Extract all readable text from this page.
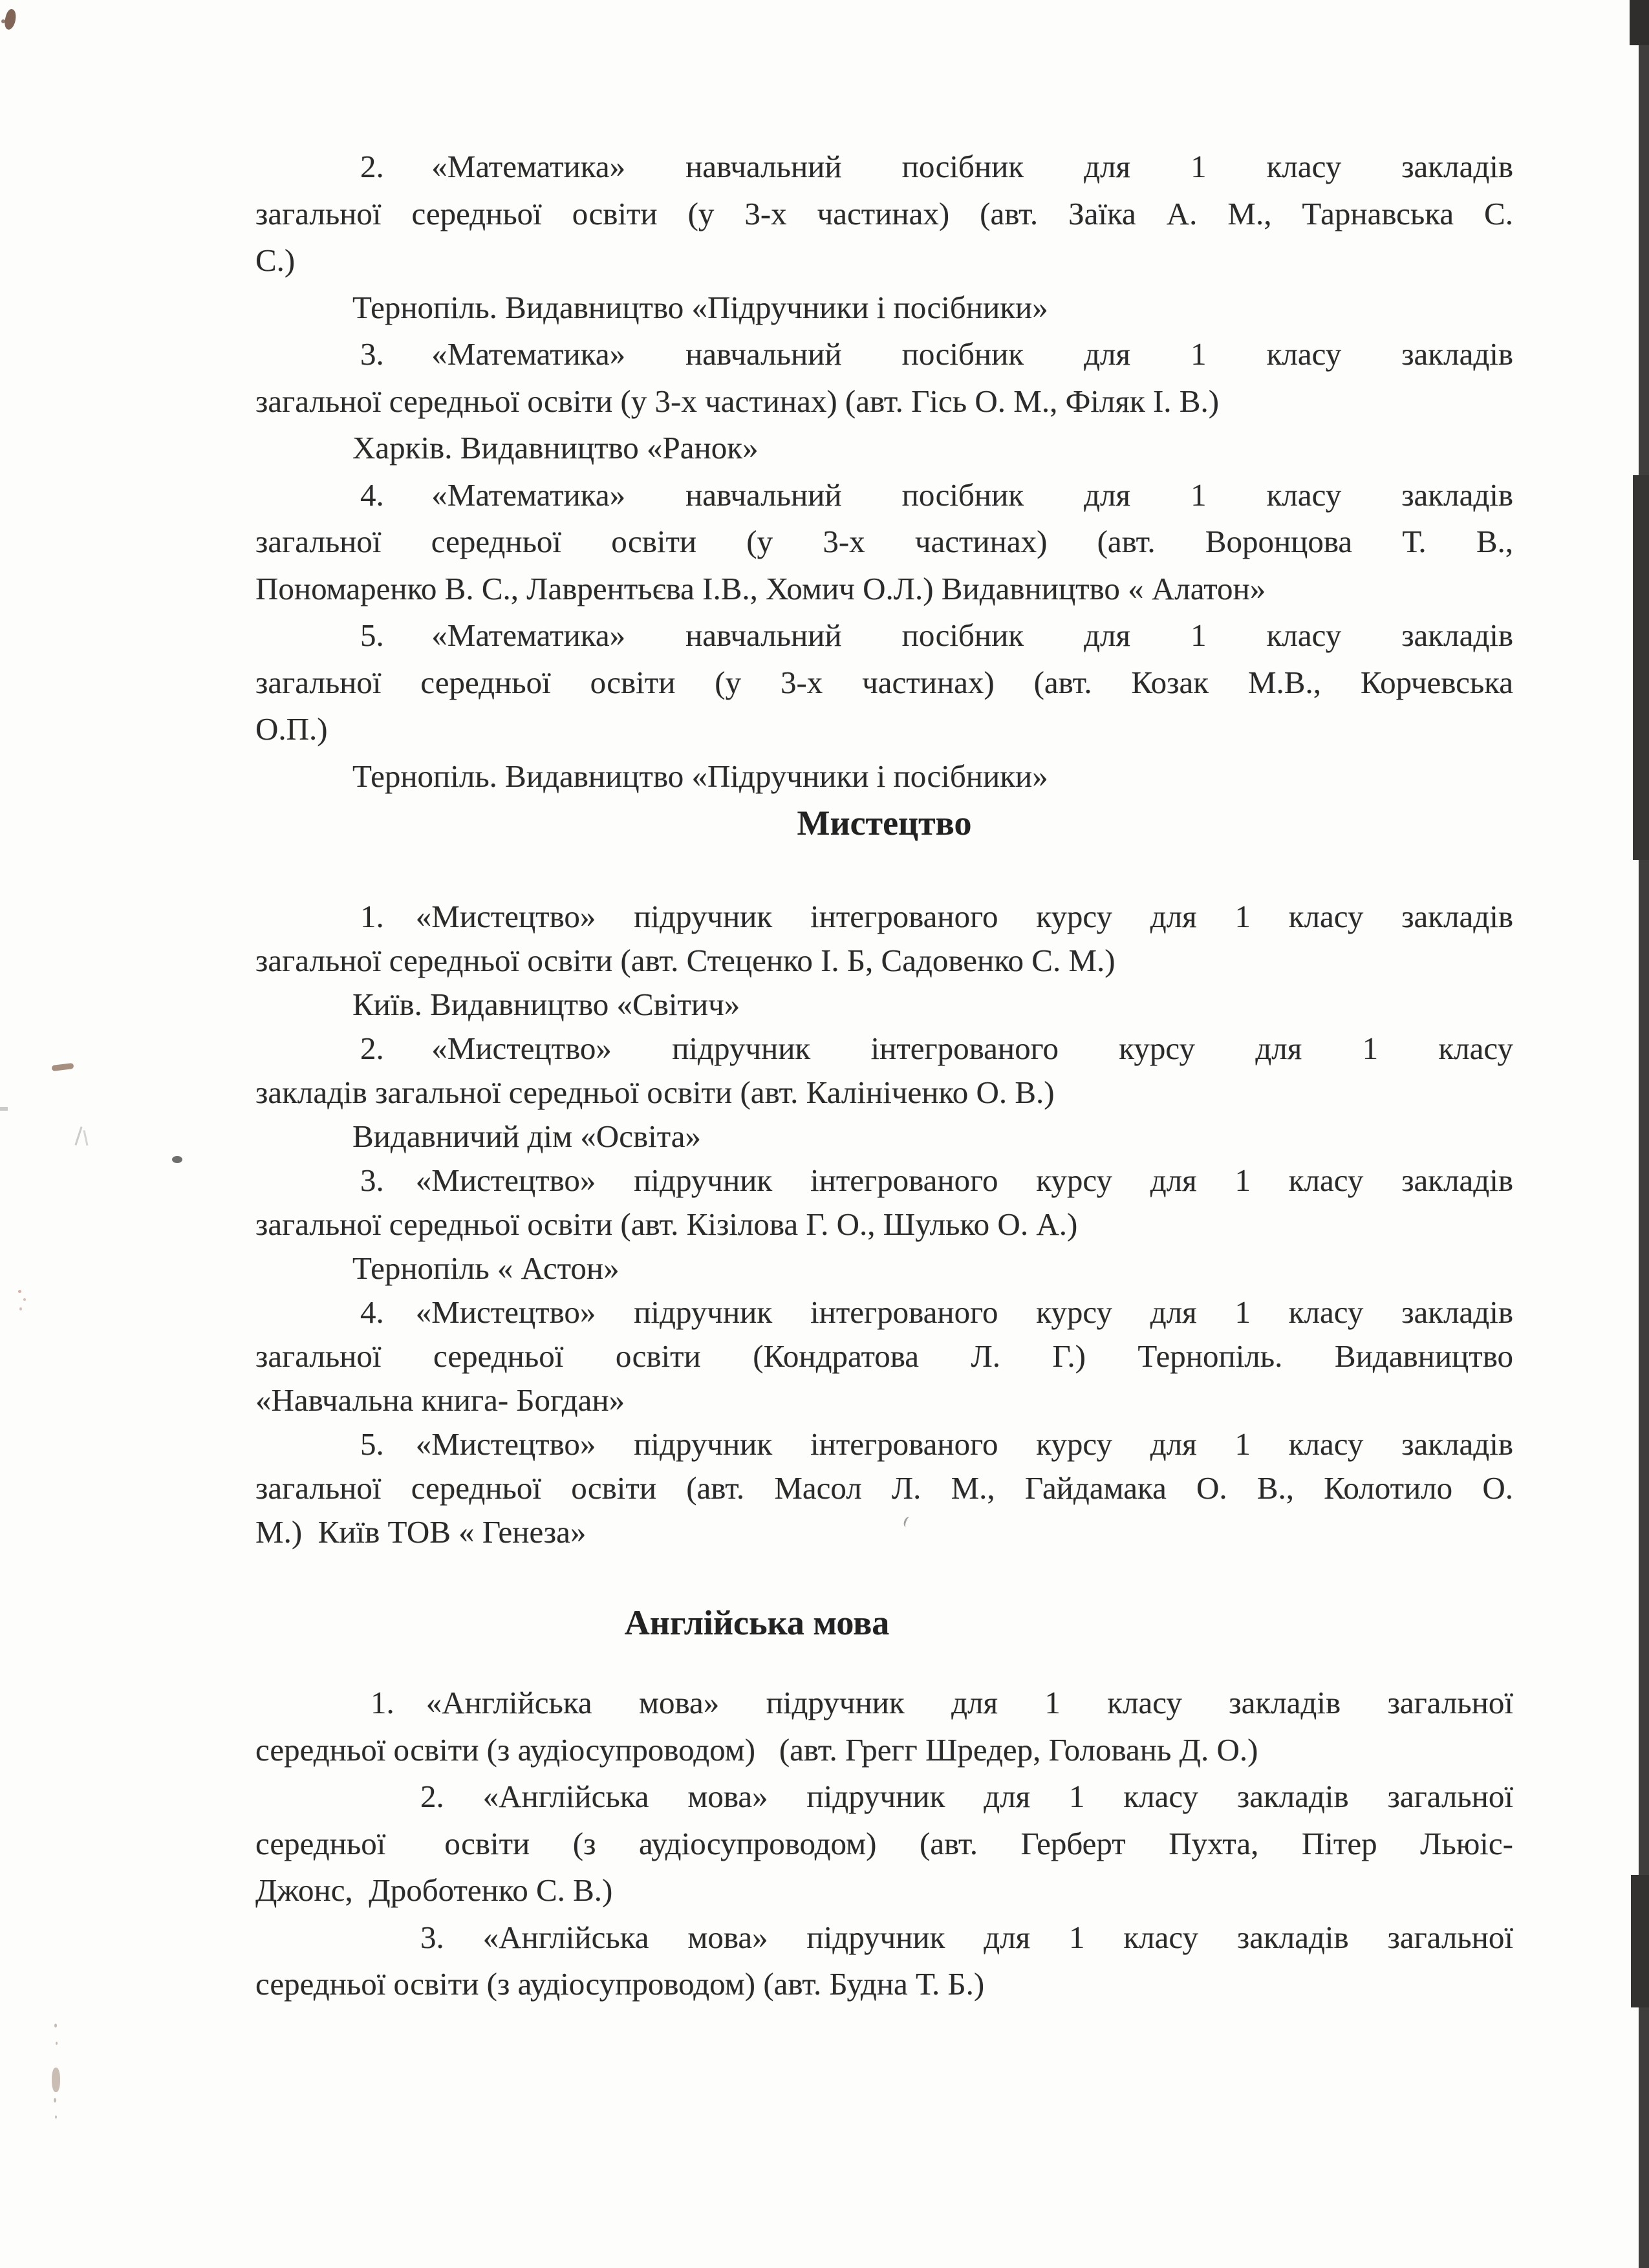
2.  «Математика» навчальний посібник для 1 класу закладів
загальної середньої освіти (у 3-х частинах) (авт. Заїка А. М., Тарнавська С.
С.)
Тернопіль. Видавництво «Підручники і посібники»
3.  «Математика» навчальний посібник для 1 класу закладів
загальної середньої освіти (у 3-х частинах) (авт. Гісь О. М., Філяк І. В.)
Харків. Видавництво «Ранок»
4.  «Математика» навчальний посібник для 1 класу закладів
загальної середньої освіти (у 3-х частинах) (авт. Воронцова Т. В.,
Пономаренко В. С., Лаврентьєва І.В., Хомич О.Л.) Видавництво « Алатон»
5.  «Математика» навчальний посібник для 1 класу закладів
загальної середньої освіти (у 3-х частинах) (авт. Козак М.В., Корчевська
О.П.)
Тернопіль. Видавництво «Підручники і посібники»
Мистецтво
1. «Мистецтво» підручник інтегрованого курсу для 1 класу закладів
загальної середньої освіти (авт. Стеценко І. Б, Садовенко С. М.)
Київ. Видавництво «Світич»
2.  «Мистецтво» підручник інтегрованого курсу для 1 класу
закладів загальної середньої освіти (авт. Калініченко О. В.)
Видавничий дім «Освіта»
3. «Мистецтво» підручник інтегрованого курсу для 1 класу закладів
загальної середньої освіти (авт. Кізілова Г. О., Шулько О. А.)
Тернопіль « Астон»
4. «Мистецтво» підручник інтегрованого курсу для 1 класу закладів
загальної середньої освіти (Кондратова Л. Г.) Тернопіль. Видавництво
«Навчальна книга- Богдан»
5. «Мистецтво» підручник інтегрованого курсу для 1 класу закладів
загальної середньої освіти (авт. Масол Л. М., Гайдамака О. В., Колотило О.
М.) Київ ТОВ « Генеза»
Англійська мова
1. «Англійська мова» підручник для 1 класу закладів загальної
середньої освіти (з аудіосупроводом)  (авт. Грегг Шредер, Головань Д. О.)
2. «Англійська мова» підручник для 1 класу закладів загальної
середньої  освіти (з аудіосупроводом) (авт. Герберт Пухта, Пітер Льюіс-
Джонс, Дроботенко С. В.)
3. «Англійська мова» підручник для 1 класу закладів загальної
середньої освіти (з аудіосупроводом) (авт. Будна Т. Б.)
